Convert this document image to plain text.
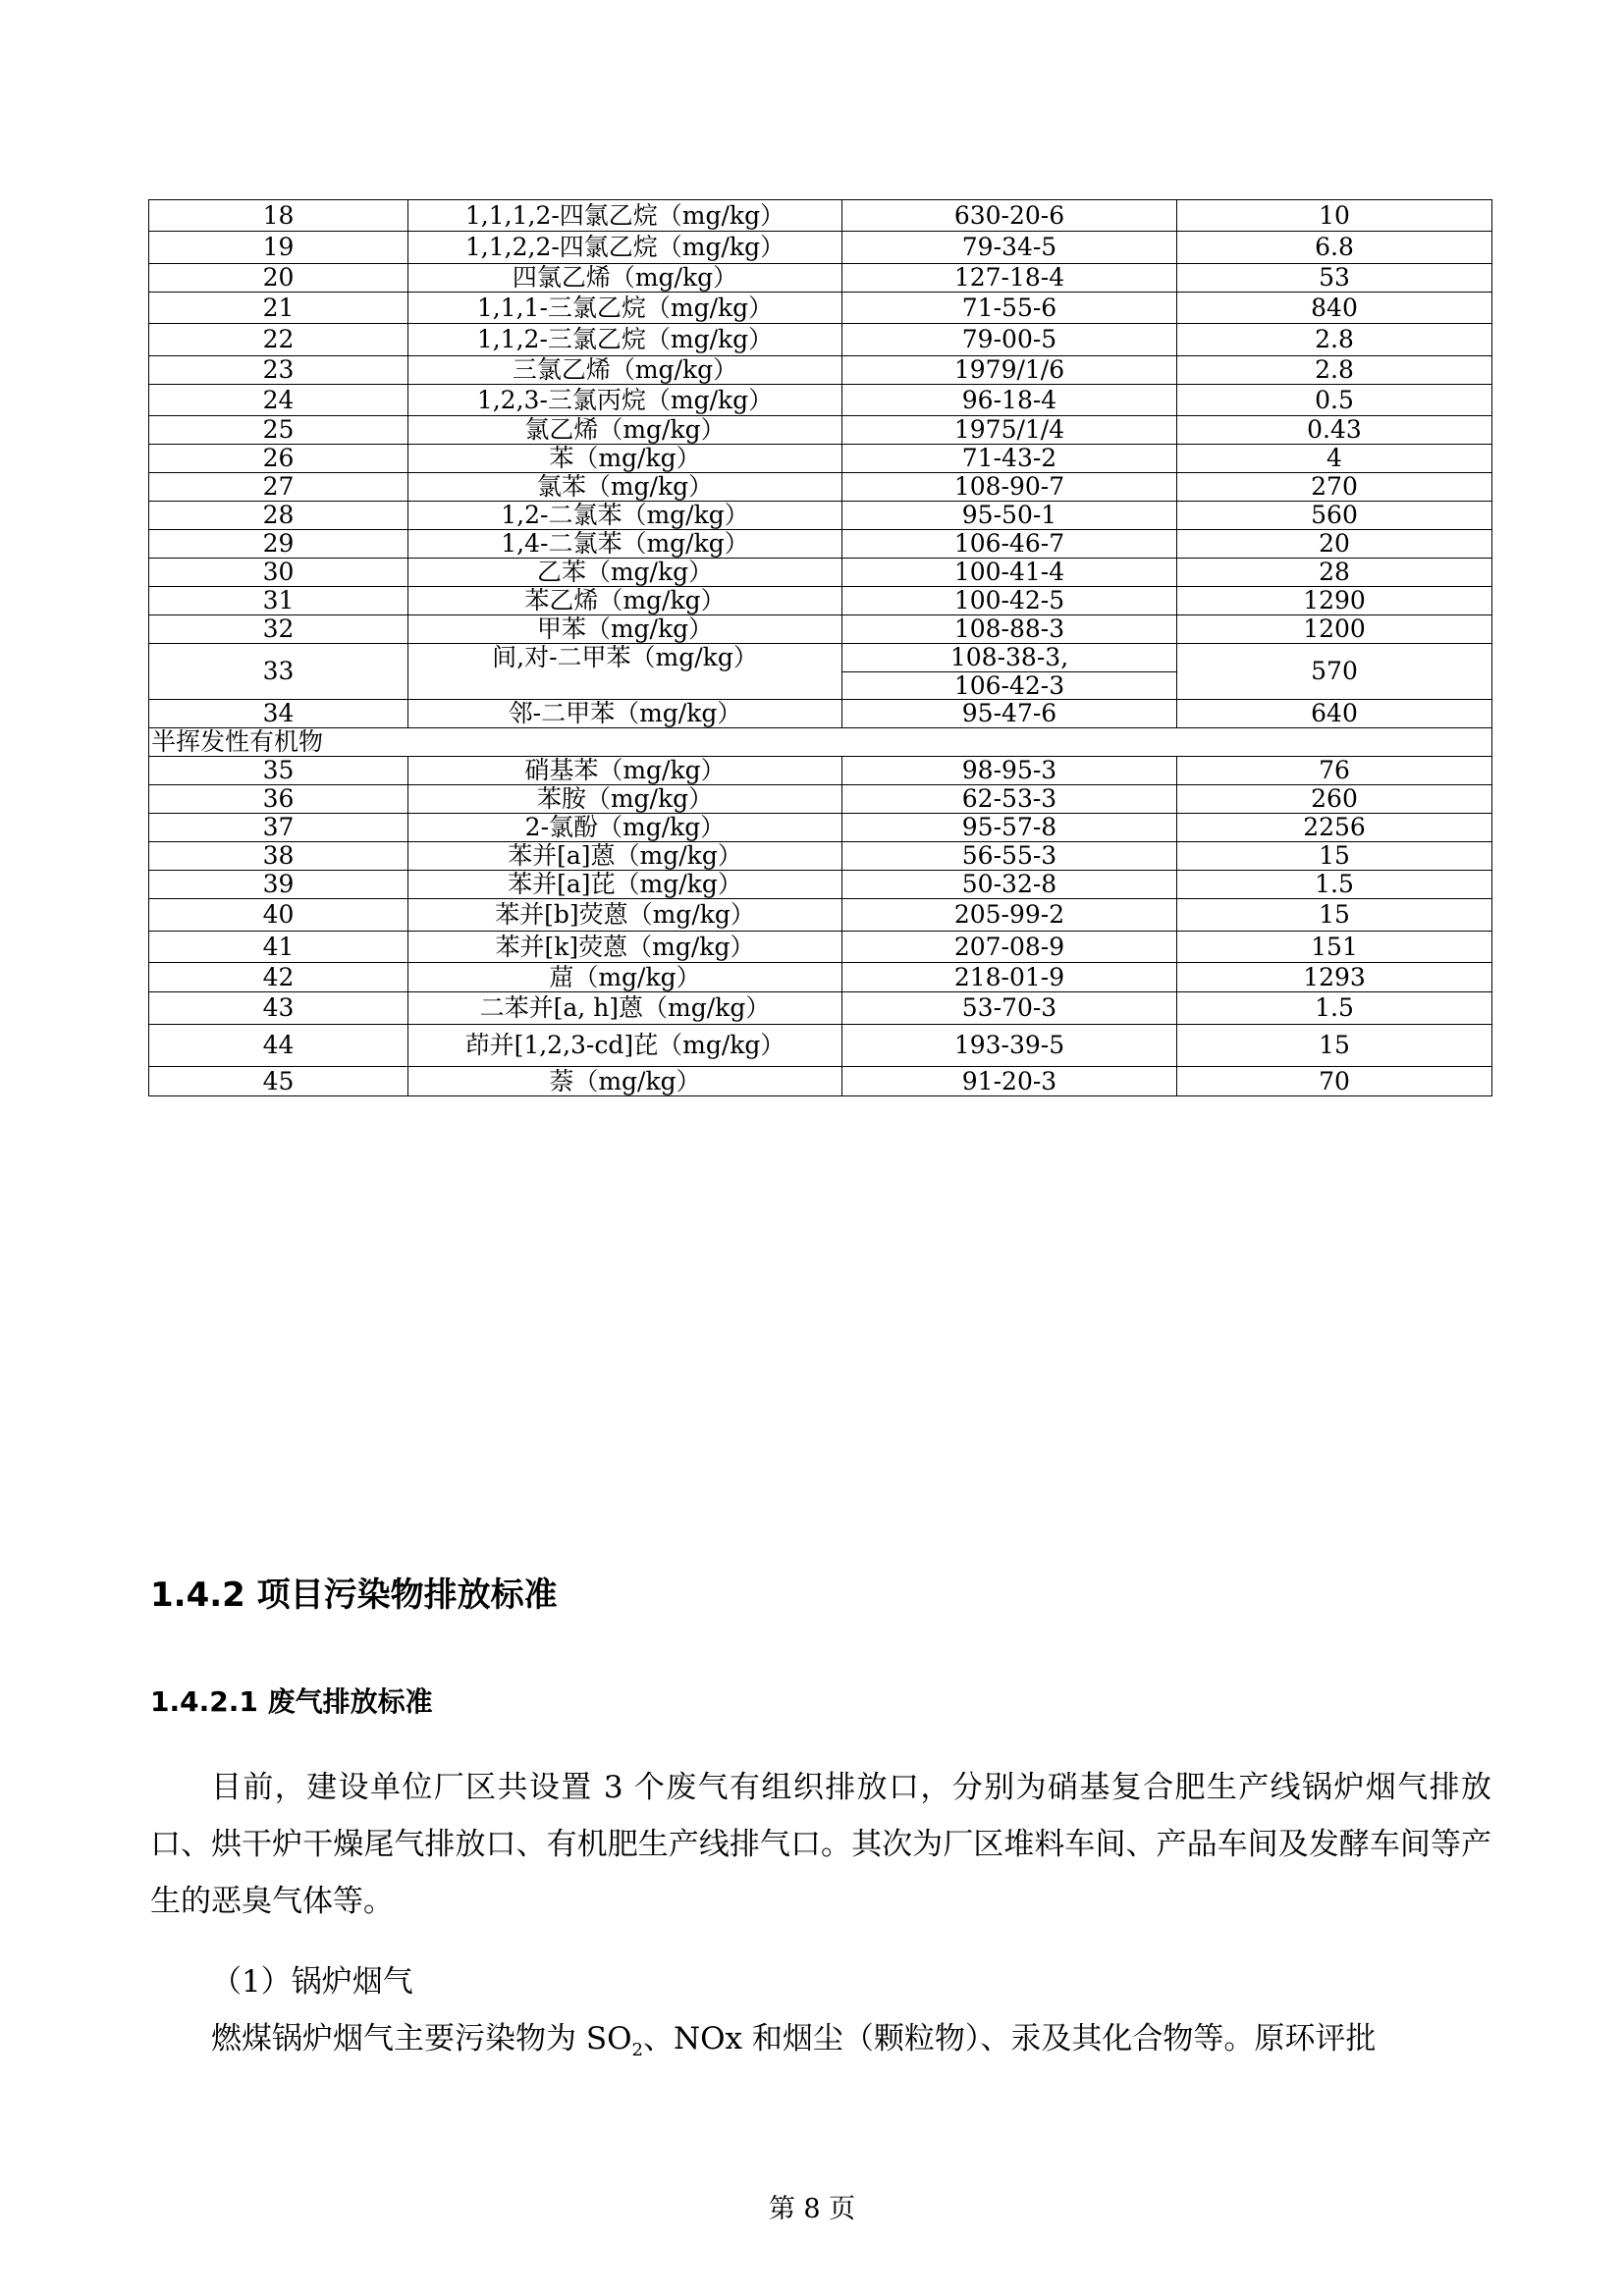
18	1,1,1,2-四氯乙烷（mg/kg）	630-20-6	10
19	1,1,2,2-四氯乙烷（mg/kg）	79-34-5	6.8
20	四氯乙烯（mg/kg）	127-18-4	53
21	1,1,1-三氯乙烷（mg/kg）	71-55-6	840
22	1,1,2-三氯乙烷（mg/kg）	79-00-5	2.8
23	三氯乙烯（mg/kg）	1979/1/6	2.8
24	1,2,3-三氯丙烷（mg/kg）	96-18-4	0.5
25	氯乙烯（mg/kg）	1975/1/4	0.43
26	苯（mg/kg）	71-43-2	4
27	氯苯（mg/kg）	108-90-7	270
28	1,2-二氯苯（mg/kg）	95-50-1	560
29	1,4-二氯苯（mg/kg）	106-46-7	20
30	乙苯（mg/kg）	100-41-4	28
31	苯乙烯（mg/kg）	100-42-5	1290
32	甲苯（mg/kg）	108-88-3	1200
33	间,对-二甲苯（mg/kg）	108-38-3,	570
		106-42-3	
34	邻-二甲苯（mg/kg）	95-47-6	640
半挥发性有机物			
35	硝基苯（mg/kg）	98-95-3	76
36	苯胺（mg/kg）	62-53-3	260
37	2-氯酚（mg/kg）	95-57-8	2256
38	苯并[a]蒽（mg/kg）	56-55-3	15
39	苯并[a]芘（mg/kg）	50-32-8	1.5
40	苯并[b]荧蒽（mg/kg）	205-99-2	15
41	苯并[k]荧蒽（mg/kg）	207-08-9	151
42	䓛（mg/kg）	218-01-9	1293
43	二苯并[a, h]蒽（mg/kg）	53-70-3	1.5
44	茚并[1,2,3-cd]芘（mg/kg）	193-39-5	15
45	萘（mg/kg）	91-20-3	70
1.4.2 项目污染物排放标准
1.4.2.1 废气排放标准
目前，建设单位厂区共设置 3 个废气有组织排放口，分别为硝基复合肥生产线锅炉烟气排放口、烘干炉干燥尾气排放口、有机肥生产线排气口。其次为厂区堆料车间、产品车间及发酵车间等产生的恶臭气体等。
（1）锅炉烟气
燃煤锅炉烟气主要污染物为 $SO_2$、NOx 和烟尘（颗粒物）、汞及其化合物等。原环评批
第 8 页
